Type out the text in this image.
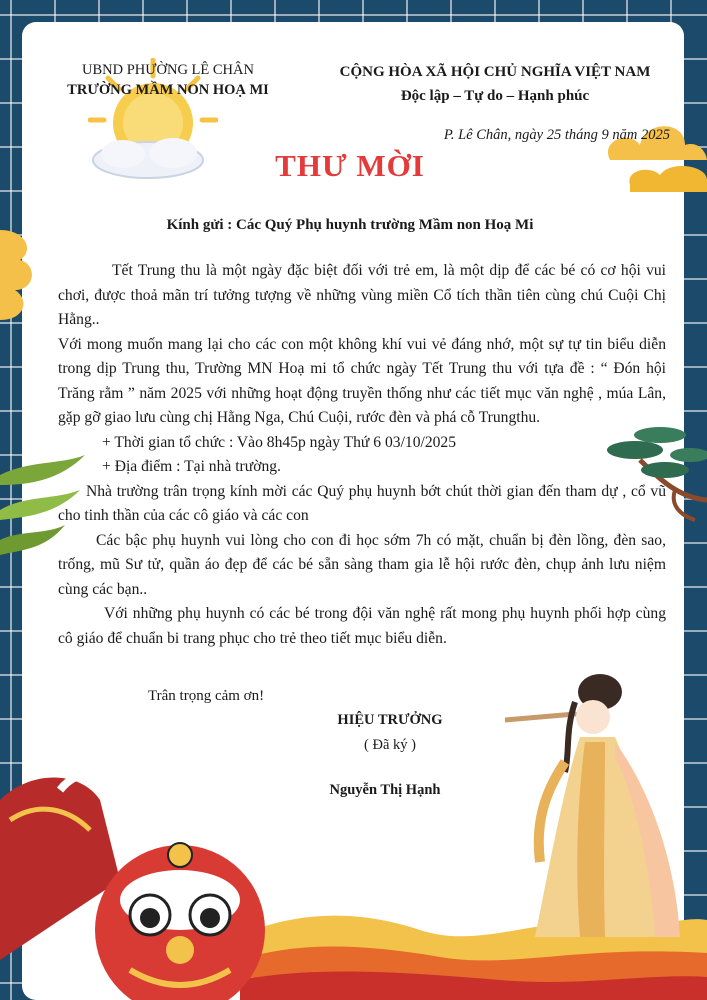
UBND PHƯỜNG LÊ CHÂN
TRƯỜNG MẦM NON HOẠ MI
CỘNG HÒA XÃ HỘI CHỦ NGHĨA VIỆT NAM
Độc lập – Tự do – Hạnh phúc
P. Lê Chân, ngày 25 tháng 9 năm 2025
THƯ MỜI
Kính gửi : Các Quý Phụ huynh trường Mầm non Hoạ Mi

Tết Trung thu là một ngày đặc biệt đối với trẻ em, là một dịp để các bé có cơ hội vui chơi, được thoả mãn trí tưởng tượng về những vùng miền Cổ tích thần tiên cùng chú Cuội Chị Hằng..

Với mong muốn mang lại cho các con một không khí vui vẻ đáng nhớ, một sự tự tin biểu diễn trong dịp Trung thu, Trường MN Hoạ mi tổ chức ngày Tết Trung thu với tựa đề : “ Đón hội Trăng rằm ” năm 2025 với những hoạt động truyền thống như các tiết mục văn nghệ , múa Lân, gặp gỡ giao lưu cùng chị Hằng Nga, Chú Cuội, rước đèn và phá cỗ Trungthu.

+ Thời gian tổ chức : Vào 8h45p ngày Thứ 6 03/10/2025

+ Địa điểm : Tại nhà trường.

Nhà trường trân trọng kính mời các Quý phụ huynh bớt chút thời gian đến tham dự , cổ vũ cho tinh thần của các cô giáo và các con

Các bậc phụ huynh vui lòng cho con đi học sớm 7h có mặt, chuẩn bị đèn lồng, đèn sao, trống, mũ Sư tử, quần áo đẹp để các bé sẵn sàng tham gia lễ hội rước đèn, chụp ảnh lưu niệm cùng các bạn..

Với những phụ huynh có các bé trong đội văn nghệ rất mong phụ huynh phối hợp cùng cô giáo để chuẩn bi trang phục cho trẻ theo tiết mục biểu diễn.

Trân trọng cảm ơn!
HIỆU TRƯỞNG
( Đã ký )
Nguyễn Thị Hạnh
